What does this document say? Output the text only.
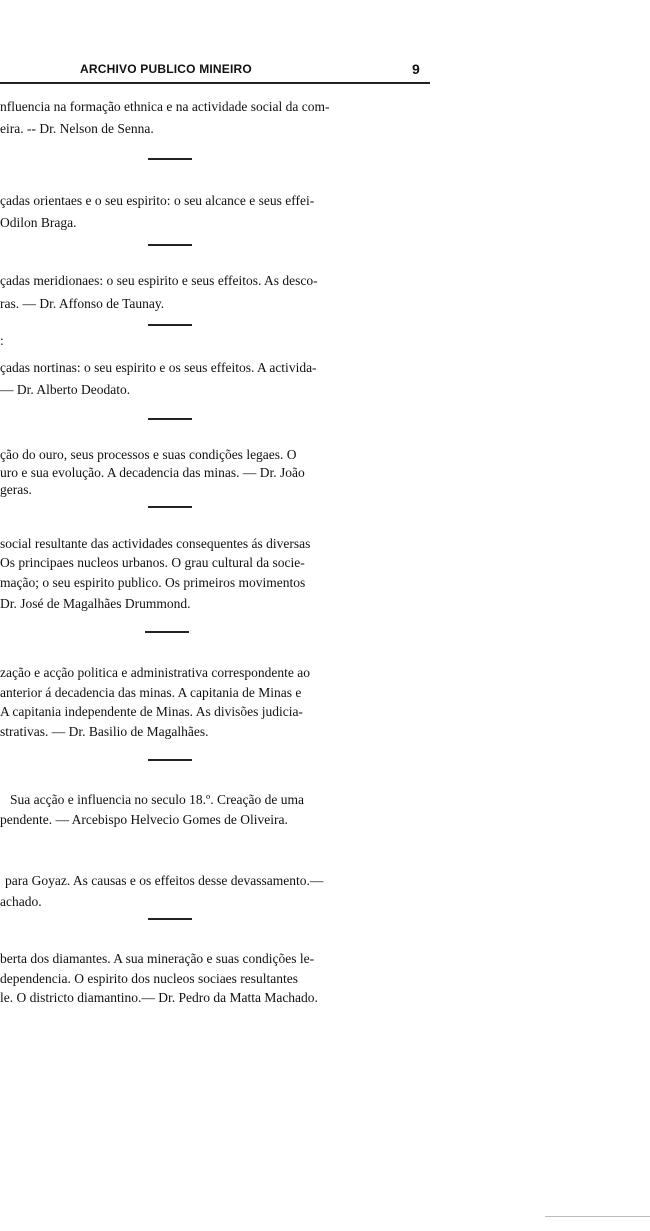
ARCHIVO PUBLICO MINEIRO	9
nfluencia na formação ethnica e na actividade social da com-
eira. -- Dr. Nelson de Senna.
çadas orientaes e o seu espirito: o seu alcance e seus effei-
Odilon Braga.
çadas meridionaes: o seu espirito e seus effeitos. As desco-
ras. — Dr. Affonso de Taunay.
:
çadas nortinas: o seu espirito e os seus effeitos. A activida-
— Dr. Alberto Deodato.
ção do ouro, seus processos e suas condições legaes. O
uro e sua evolução. A decadencia das minas. — Dr. João
geras.
social resultante das actividades consequentes ás diversas
Os principaes nucleos urbanos. O grau cultural da socie-
mação; o seu espirito publico. Os primeiros movimentos
Dr. José de Magalhães Drummond.
zação e acção politica e administrativa correspondente ao
anterior á decadencia das minas. A capitania de Minas e
A capitania independente de Minas. As divisões judicia-
strativas. — Dr. Basilio de Magalhães.
Sua acção e influencia no seculo 18.º. Creação de uma
pendente. — Arcebispo Helvecio Gomes de Oliveira.
para Goyaz. As causas e os effeitos desse devassamento.—
achado.
berta dos diamantes. A sua mineração e suas condições le-
dependencia. O espirito dos nucleos sociaes resultantes
le. O districto diamantino.— Dr. Pedro da Matta Machado.
